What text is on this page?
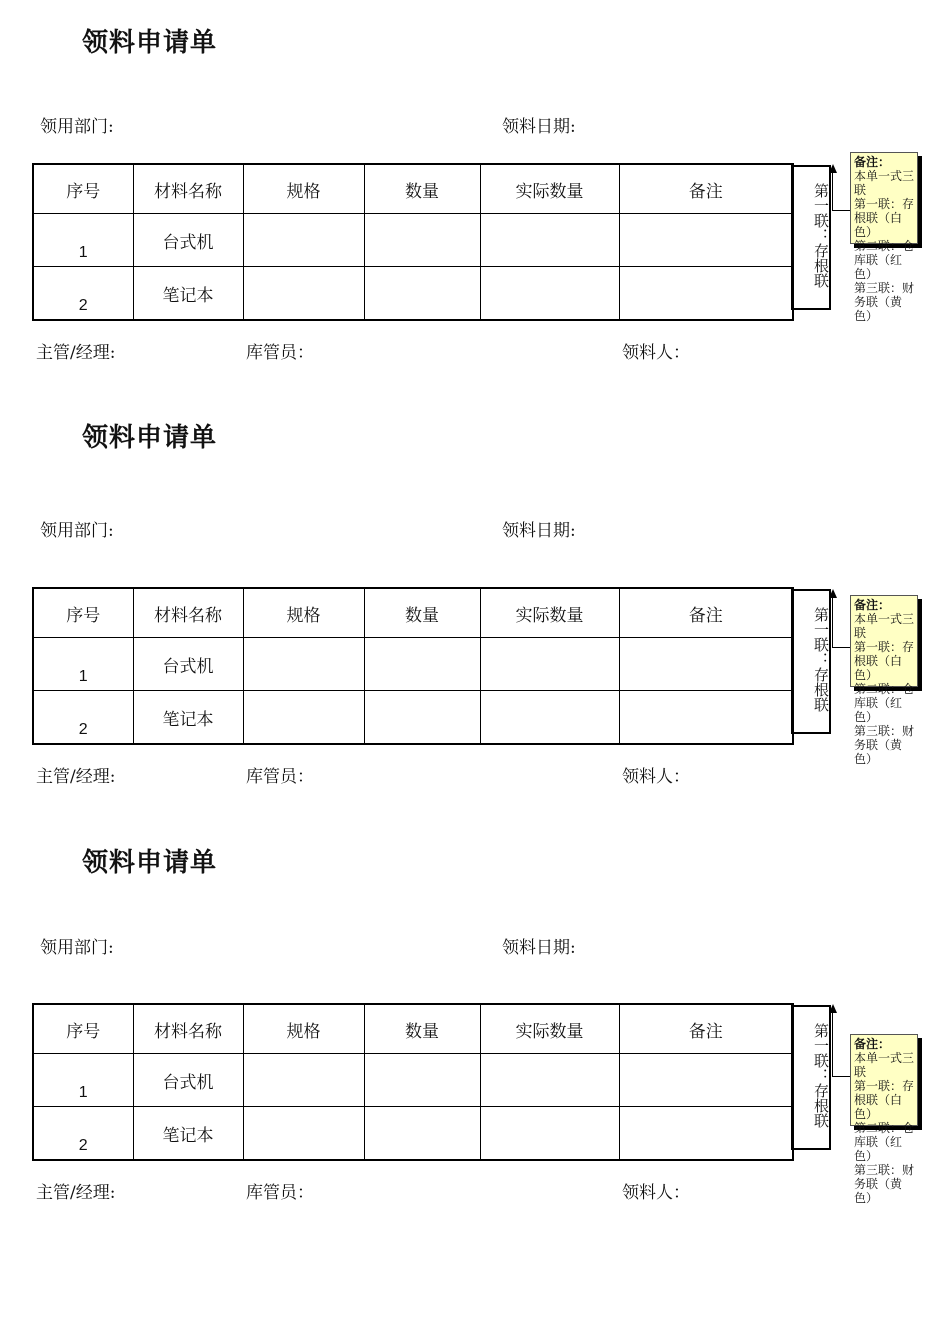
领料申请单
领用部门:	领料日期:
序号	材料名称	规格	数量	实际数量	备注
1	台式机				
2	笔记本				
第一联：存根联
备注：
本单一式三联
第一联：存根联（白色）
第二联：仓库联（红色）
第三联：财务联（黄色）
主管/经理:	库管员：	领料人：
领料申请单
领用部门:	领料日期:
序号	材料名称	规格	数量	实际数量	备注
1	台式机				
2	笔记本				
第一联：存根联
备注：
本单一式三联
第一联：存根联（白色）
第二联：仓库联（红色）
第三联：财务联（黄色）
主管/经理:	库管员：	领料人：
领料申请单
领用部门:	领料日期:
序号	材料名称	规格	数量	实际数量	备注
1	台式机				
2	笔记本				
第一联：存根联 备注：
本单一式三联
第一联：存根联（白色）
第二联：仓库联（红色）
第三联：财务联（黄色）
主管/经理:	库管员：	领料人：
